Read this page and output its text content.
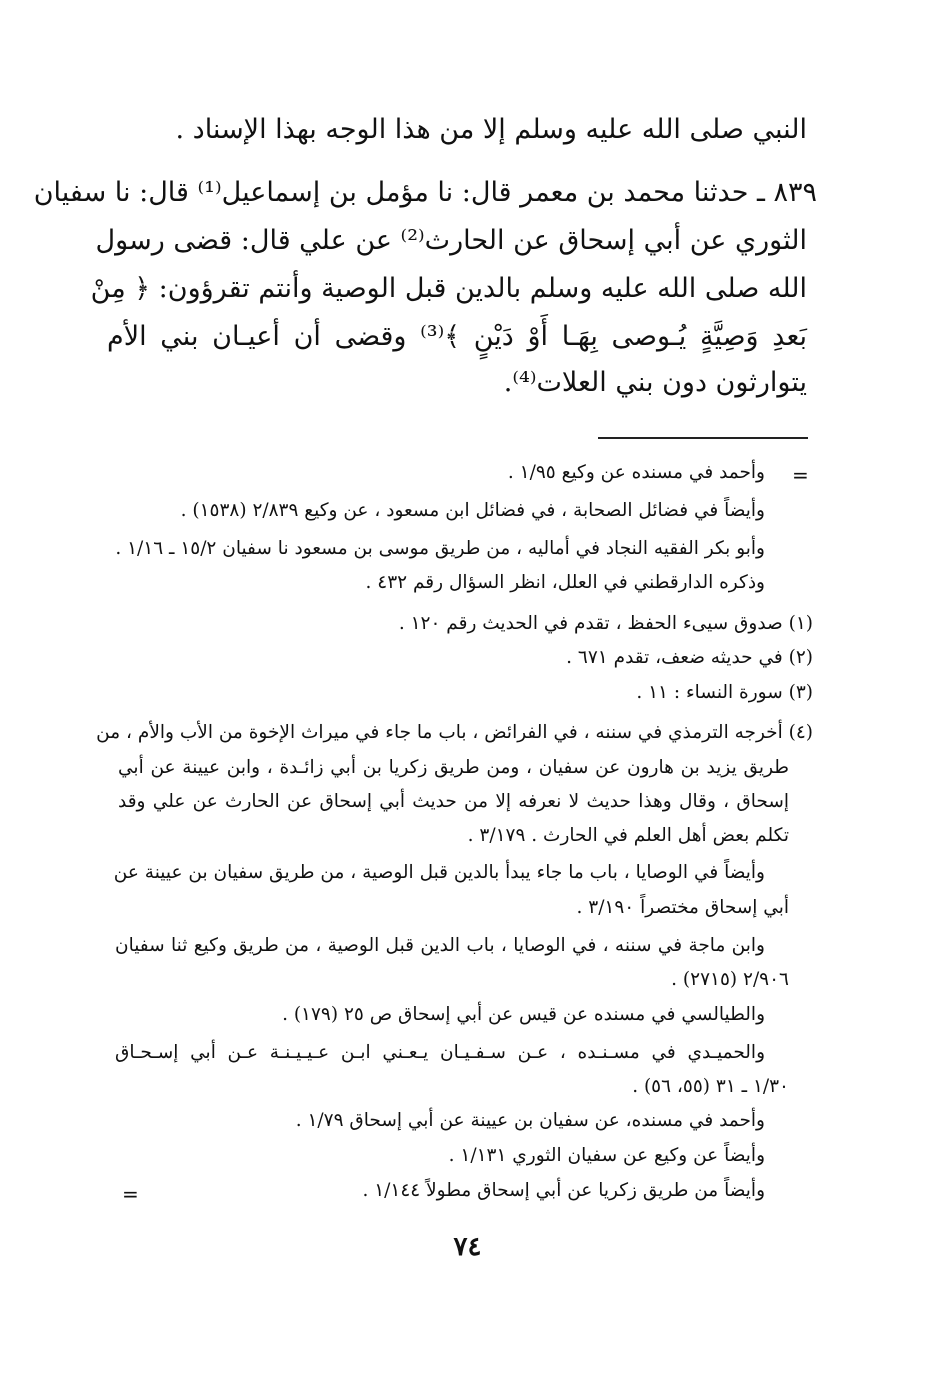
النبي صلى الله عليه وسلم إلا من هذا الوجه بهذا الإسناد .
٨٣٩ ـ حدثنا محمد بن معمر قال: نا مؤمل بن إسماعيل⁽¹⁾ قال: نا سفيان
الثوري عن أبي إسحاق عن الحارث⁽²⁾ عن علي قال: قضى رسول
الله صلى الله عليه وسلم بالدين قبل الوصية وأنتم تقرؤون: ﴿ مِنْ
بَعدِ وَصِيَّةٍ يُـوصى بِهَـا أَوْ دَيْنٍ ﴾⁽³⁾ وقضى أن أعيـان بني الأم
يتوارثون دون بني العلات⁽⁴⁾.
=
وأحمد في مسنده عن وكيع ١/٩٥ .
وأيضاً في فضائل الصحابة ، في فضائل ابن مسعود ، عن وكيع ٢/٨٣٩ (١٥٣٨) .
وأبو بكر الفقيه النجاد في أماليه ، من طريق موسى بن مسعود نا سفيان ١٥/٢ ـ ١/١٦ .
وذكره الدارقطني في العلل، انظر السؤال رقم ٤٣٢ .
(١) صدوق سيىء الحفظ ، تقدم في الحديث رقم ١٢٠ .
(٢) في حديثه ضعف، تقدم ٦٧١ .
(٣) سورة النساء : ١١ .
(٤) أخرجه الترمذي في سننه ، في الفرائض ، باب ما جاء في ميراث الإخوة من الأب والأم ، من
طريق يزيد بن هارون عن سفيان ، ومن طريق زكريا بن أبي زائـدة ، وابن عيينة عن أبي
إسحاق ، وقال وهذا حديث لا نعرفه إلا من حديث أبي إسحاق عن الحارث عن علي وقد
تكلم بعض أهل العلم في الحارث . ٣/١٧٩ .
وأيضاً في الوصايا ، باب ما جاء يبدأ بالدين قبل الوصية ، من طريق سفيان بن عيينة عن
أبي إسحاق مختصراً ٣/١٩٠ .
وابن ماجة في سننه ، في الوصايا ، باب الدين قبل الوصية ، من طريق وكيع ثنا سفيان
٢/٩٠٦ (٢٧١٥) .
والطيالسي في مسنده عن قيس عن أبي إسحاق ص ٢٥ (١٧٩) .
والحميـدي في مسـنـده ، عـن سـفـيـان يـعـني ابـن عـيـيـنـة عـن أبي إسـحـاق
١/٣٠ ـ ٣١ (٥٥، ٥٦) .
وأحمد في مسنده، عن سفيان بن عيينة عن أبي إسحاق ١/٧٩ .
وأيضاً عن وكيع عن سفيان الثوري ١/١٣١ .
وأيضاً من طريق زكريا عن أبي إسحاق مطولاً ١/١٤٤ .
=
٧٤
